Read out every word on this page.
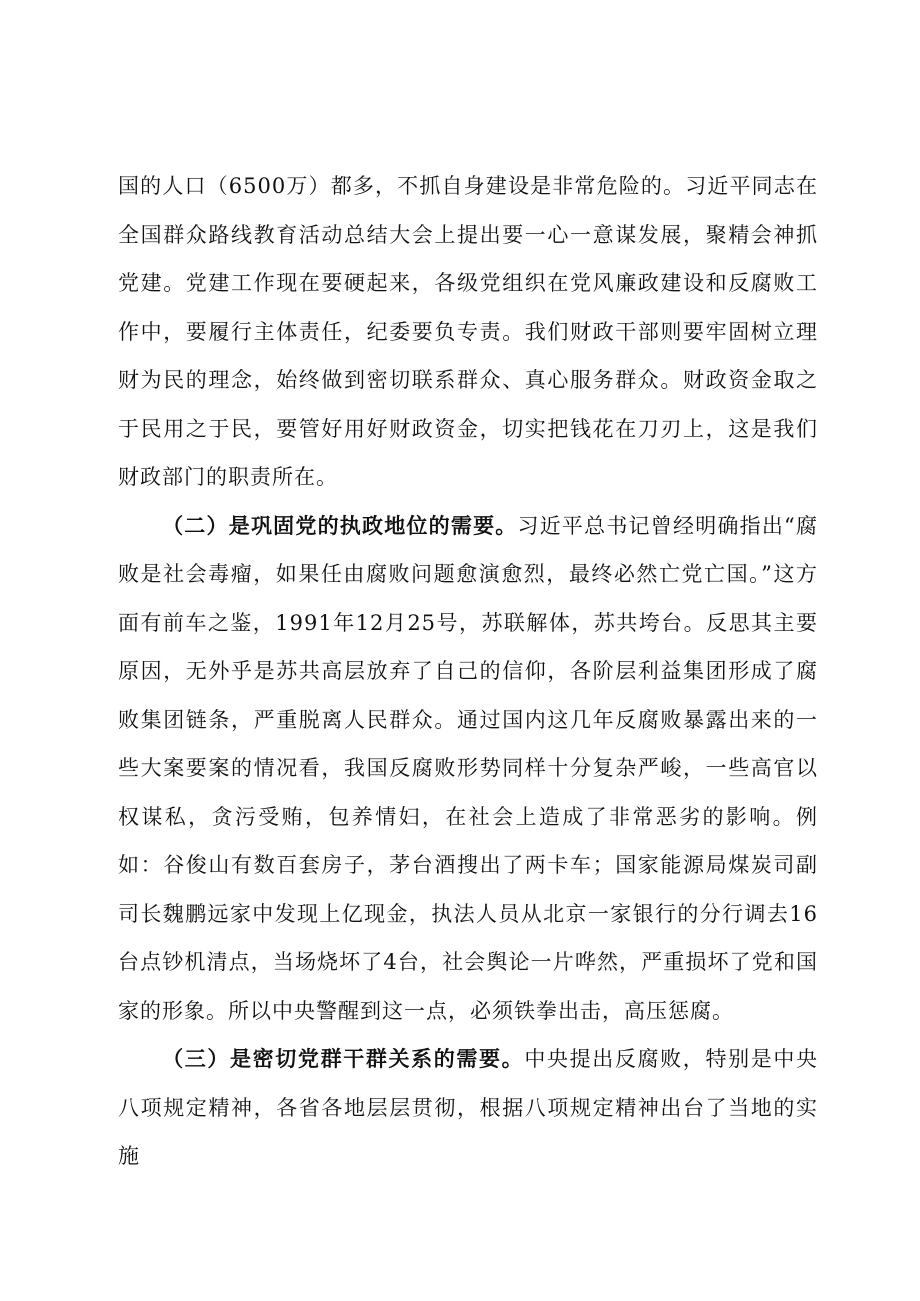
国的人口（6500万）都多，不抓自身建设是非常危险的。习近平同志在全国群众路线教育活动总结大会上提出要一心一意谋发展，聚精会神抓党建。党建工作现在要硬起来，各级党组织在党风廉政建设和反腐败工作中，要履行主体责任，纪委要负专责。我们财政干部则要牢固树立理财为民的理念，始终做到密切联系群众、真心服务群众。财政资金取之于民用之于民，要管好用好财政资金，切实把钱花在刀刃上，这是我们财政部门的职责所在。

（二）是巩固党的执政地位的需要。习近平总书记曾经明确指出“腐败是社会毒瘤，如果任由腐败问题愈演愈烈，最终必然亡党亡国。”这方面有前车之鉴，1991年12月25号，苏联解体，苏共垮台。反思其主要原因，无外乎是苏共高层放弃了自己的信仰，各阶层利益集团形成了腐败集团链条，严重脱离人民群众。通过国内这几年反腐败暴露出来的一些大案要案的情况看，我国反腐败形势同样十分复杂严峻，一些高官以权谋私，贪污受贿，包养情妇，在社会上造成了非常恶劣的影响。例如：谷俊山有数百套房子，茅台酒搜出了两卡车；国家能源局煤炭司副司长魏鹏远家中发现上亿现金，执法人员从北京一家银行的分行调去16台点钞机清点，当场烧坏了4台，社会舆论一片哗然，严重损坏了党和国家的形象。所以中央警醒到这一点，必须铁拳出击，高压惩腐。

（三）是密切党群干群关系的需要。中央提出反腐败，特别是中央八项规定精神，各省各地层层贯彻，根据八项规定精神出台了当地的实施
